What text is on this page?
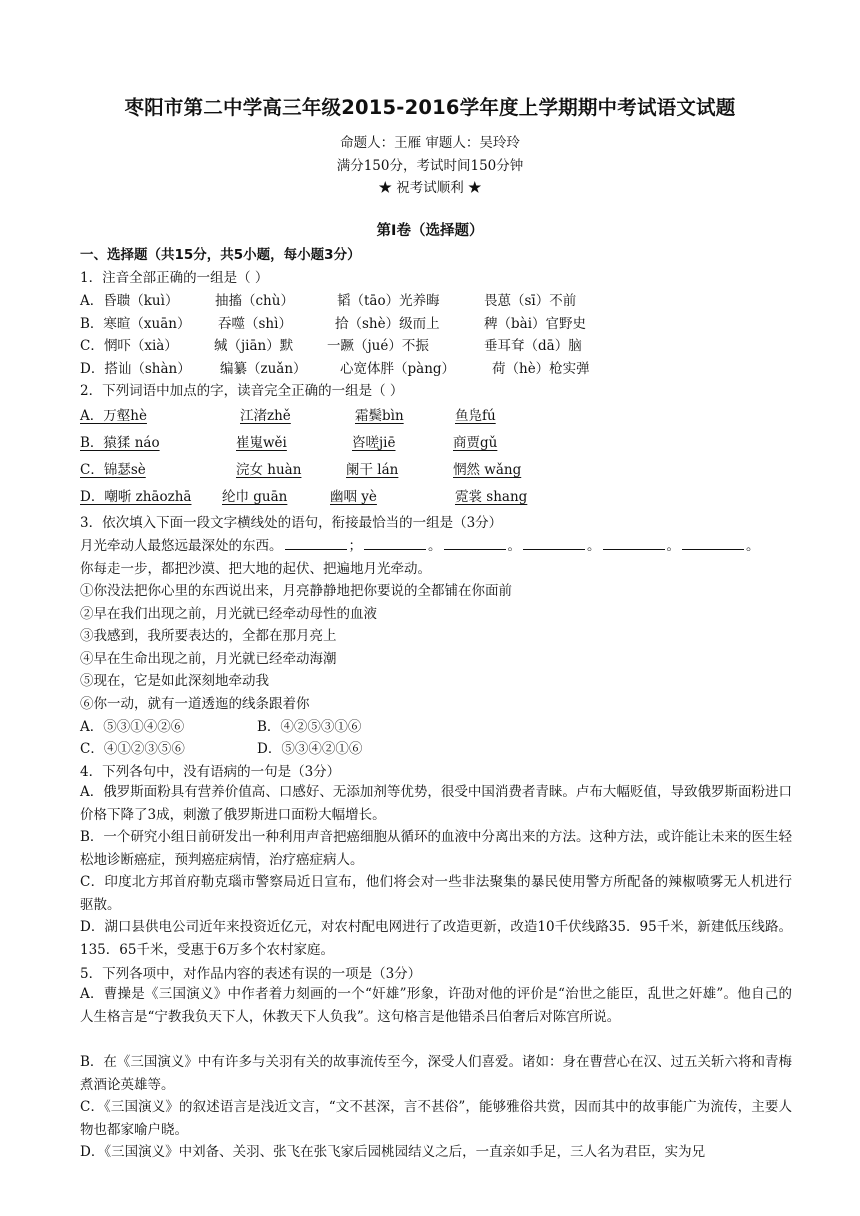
枣阳市第二中学高三年级2015-2016学年度上学期期中考试语文试题
命题人：王雁 审题人：吴玲玲
满分150分，考试时间150分钟
★ 祝考试顺利 ★
第Ⅰ卷（选择题）
一、选择题（共15分，共5小题，每小题3分）
1．注音全部正确的一组是（ ）
A．昏聩（kuì）	抽搐（chù）	韬（tāo）光养晦	畏葸（sī）不前
B．寒暄（xuān） 吞噬（shì）	拾（shè）级而上	稗（bài）官野史
C．惘吓（xià）	缄（jiān）默	一蹶（jué）不振	垂耳耷（dā）脑
D．搭讪（shàn） 编纂（zuǎn） 心宽体胖（pàng）	荷（hè）枪实弹
2．下列词语中加点的字，读音完全正确的一组是（ ）
A．万壑hè	江渚zhě	霜鬓bìn	鱼凫fú
B．猿猱 náo	崔嵬wěi	咨嗟jiē	商贾gǔ
C．锦瑟sè	浣女 huàn	阑干 lán	惘然 wǎng
D．嘲哳 zhāozhā 纶巾 guān	幽咽 yè	霓裳 shang
3．依次填入下面一段文字横线处的语句，衔接最恰当的一组是（3分）
月光牵动人最悠远最深处的东西。	；	。	。	。	。	。
你每走一步，都把沙漠、把大地的起伏、把遍地月光牵动。
①你没法把你心里的东西说出来，月亮静静地把你要说的全都铺在你面前
②早在我们出现之前，月光就已经牵动母性的血液
③我感到，我所要表达的，全都在那月亮上
④早在生命出现之前，月光就已经牵动海潮
⑤现在，它是如此深刻地牵动我
⑥你一动，就有一道透迤的线条跟着你
A．⑤③①④②⑥	B．④②⑤③①⑥
C．④①②③⑤⑥	D．⑤③④②①⑥
4．下列各句中，没有语病的一句是（3分）
A．俄罗斯面粉具有营养价值高、口感好、无添加剂等优势，很受中国消费者青睐。卢布大幅贬值，导致俄罗斯面粉进口价格下降了3成，刺激了俄罗斯进口面粉大幅增长。
B．一个研究小组日前研发出一种利用声音把癌细胞从循环的血液中分离出来的方法。这种方法，或许能让未来的医生轻松地诊断癌症，预判癌症病情，治疗癌症病人。
C．印度北方邦首府勒克瑙市警察局近日宣布，他们将会对一些非法聚集的暴民使用警方所配备的辣椒喷雾无人机进行驱散。
D．湖口县供电公司近年来投资近亿元，对农村配电网进行了改造更新，改造10千伏线路35．95千米，新建低压线路。135．65千米，受惠于6万多个农村家庭。
5．下列各项中，对作品内容的表述有误的一项是（3分）
A．曹操是《三国演义》中作者着力刻画的一个“奸雄”形象，许劭对他的评价是“治世之能臣，乱世之奸雄”。他自己的人生格言是“宁教我负天下人，休教天下人负我”。这句格言是他错杀吕伯奢后对陈宫所说。
B．在《三国演义》中有许多与关羽有关的故事流传至今，深受人们喜爱。诸如：身在曹营心在汉、过五关斩六将和青梅煮酒论英雄等。
C．《三国演义》的叙述语言是浅近文言，“文不甚深，言不甚俗”，能够雅俗共赏，因而其中的故事能广为流传，主要人物也都家喻户晓。
D．《三国演义》中刘备、关羽、张飞在张飞家后园桃园结义之后，一直亲如手足，三人名为君臣，实为兄
